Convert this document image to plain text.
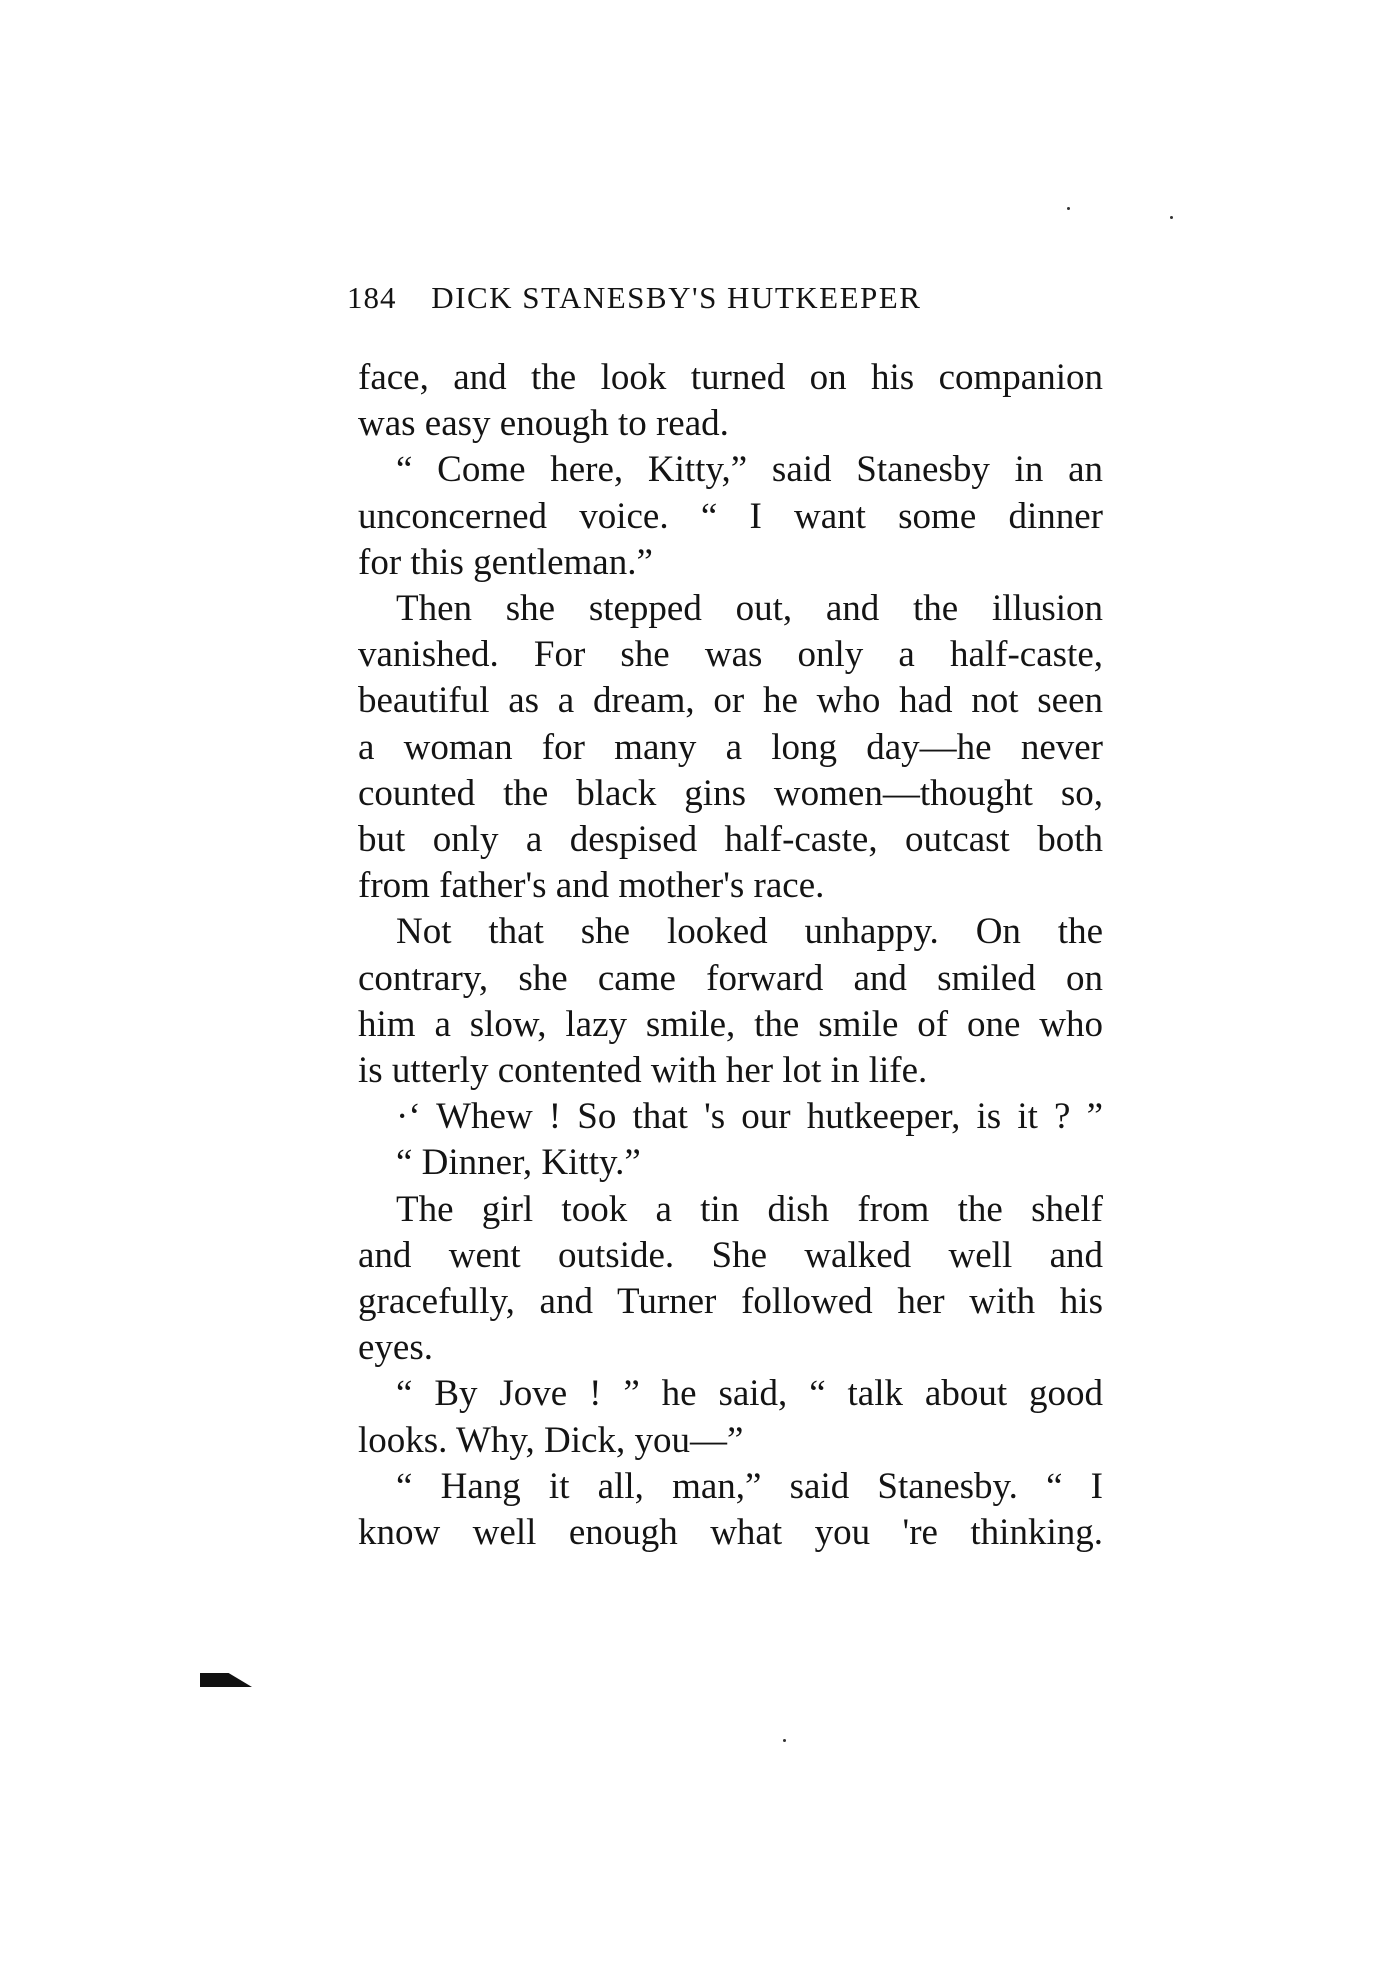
184 DICK STANESBY'S HUTKEEPER
face, and the look turned on his companion
was easy enough to read.
“ Come here, Kitty,” said Stanesby in an
unconcerned voice. “ I want some dinner
for this gentleman.”
Then she stepped out, and the illusion
vanished. For she was only a half-caste,
beautiful as a dream, or he who had not seen
a woman for many a long day—he never
counted the black gins women—thought so,
but only a despised half-caste, outcast both
from father's and mother's race.
Not that she looked unhappy. On the
contrary, she came forward and smiled on
him a slow, lazy smile, the smile of one who
is utterly contented with her lot in life.
·‘ Whew ! So that 's our hutkeeper, is it ? ”
“ Dinner, Kitty.”
The girl took a tin dish from the shelf
and went outside. She walked well and
gracefully, and Turner followed her with his
eyes.
“ By Jove ! ” he said, “ talk about good
looks. Why, Dick, you—”
“ Hang it all, man,” said Stanesby. “ I
know well enough what you 're thinking.
